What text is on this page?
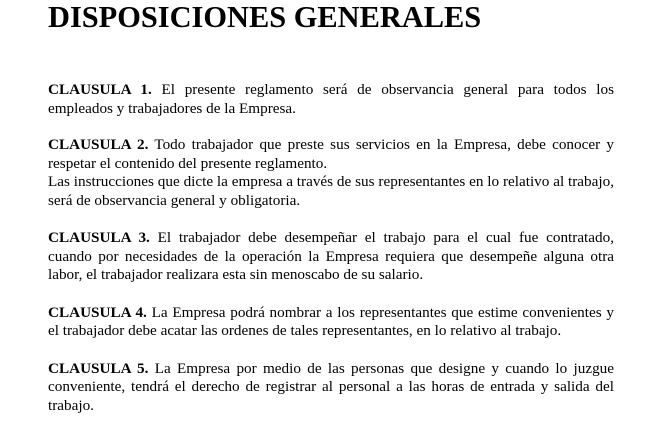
DISPOSICIONES GENERALES

CLAUSULA 1. El presente reglamento será de observancia general para todos los empleados y trabajadores de la Empresa.

CLAUSULA 2. Todo trabajador que preste sus servicios en la Empresa, debe conocer y respetar el contenido del presente reglamento.

Las instrucciones que dicte la empresa a través de sus representantes en lo relativo al trabajo, será de observancia general y obligatoria.

CLAUSULA 3. El trabajador debe desempeñar el trabajo para el cual fue contratado, cuando por necesidades de la operación la Empresa requiera que desempeñe alguna otra labor, el trabajador realizara esta sin menoscabo de su salario.

CLAUSULA 4. La Empresa podrá nombrar a los representantes que estime convenientes y el trabajador debe acatar las ordenes de tales representantes, en lo relativo al trabajo.

CLAUSULA 5. La Empresa por medio de las personas que designe y cuando lo juzgue conveniente, tendrá el derecho de registrar al personal a las horas de entrada y salida del trabajo.
